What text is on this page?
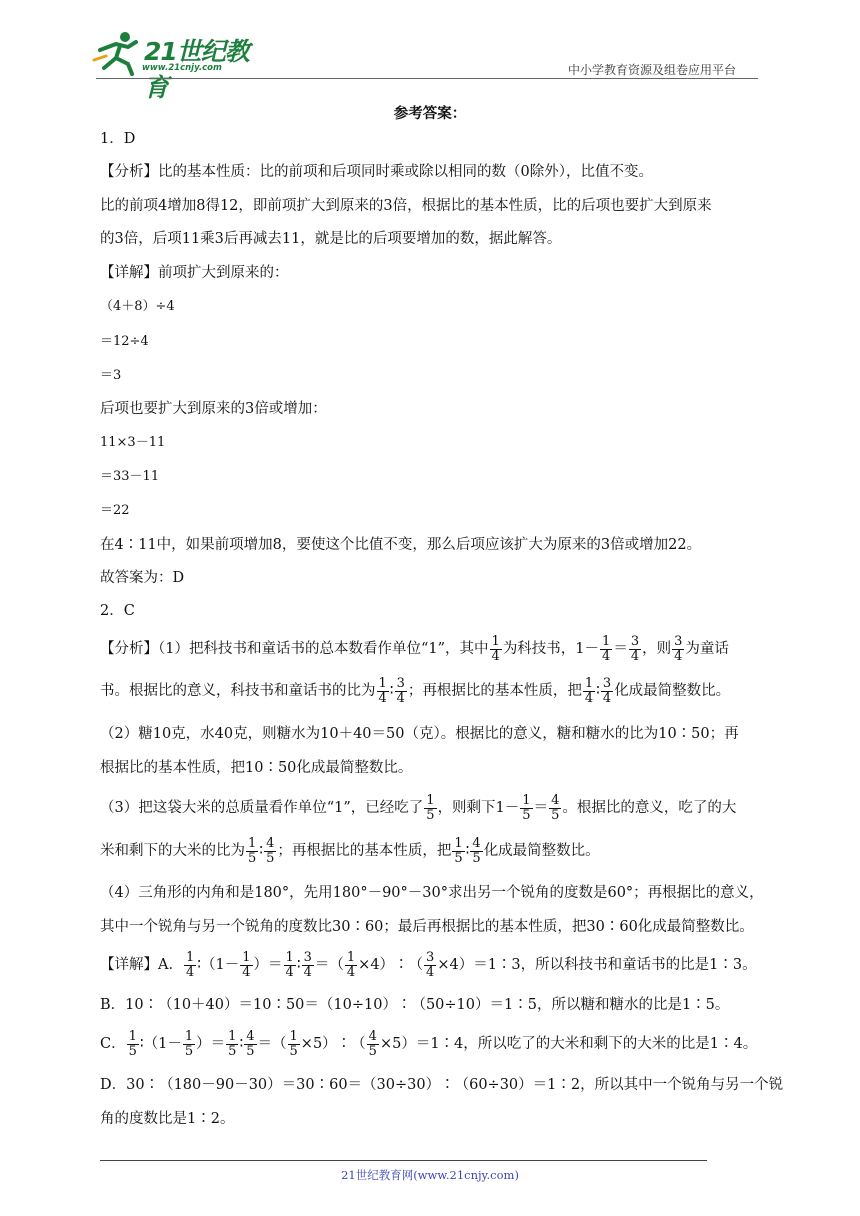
21世纪教育
www.21cnjy.com	中小学教育资源及组卷应用平台
参考答案：
1．D
【分析】比的基本性质：比的前项和后项同时乘或除以相同的数（0除外），比值不变。
比的前项4增加8得12，即前项扩大到原来的3倍，根据比的基本性质，比的后项也要扩大到原来
的3倍，后项11乘3后再减去11，就是比的后项要增加的数，据此解答。
【详解】前项扩大到原来的：
（4＋8）÷4
＝12÷4
＝3
后项也要扩大到原来的3倍或增加：
11×3－11
＝33－11
＝22
在4∶11中，如果前项增加8，要使这个比值不变，那么后项应该扩大为原来的3倍或增加22。
故答案为：D
2．C
【分析】（1）把科技书和童话书的总本数看作单位“1”，其中 $\frac{1}{4}$ 为科技书，$1- \frac{1}{4} = \frac{3}{4}$ ，则 $\frac{3}{4}$ 为童话
书。根据比的意义，科技书和童话书的比为 $\frac{1}{4}$ ∶ $\frac{3}{4}$ ；再根据比的基本性质，把 $\frac{1}{4}$ ∶ $\frac{3}{4}$ 化成最简整数比。
（2）糖10克，水40克，则糖水为10＋40＝50（克）。根据比的意义，糖和糖水的比为10∶50；再
根据比的基本性质，把10∶50化成最简整数比。
（3）把这袋大米的总质量看作单位“1”，已经吃了 $\frac{1}{5}$ ，则剩下$1- \frac{1}{5} = \frac{4}{5}$ 。根据比的意义，吃了的大
米和剩下的大米的比为 $\frac{1}{5}$ ∶ $\frac{4}{5}$ ；再根据比的基本性质，把 $\frac{1}{5}$ ∶ $\frac{4}{5}$ 化成最简整数比。
（4）三角形的内角和是180°，先用180°－90°－30°求出另一个锐角的度数是60°；再根据比的意义，
其中一个锐角与另一个锐角的度数比30∶60；最后再根据比的基本性质，把30∶60化成最简整数比。
【详解】A． $\frac{1}{4}$ ∶（1－ $\frac{1}{4}$ ）＝ $\frac{1}{4}$ ∶ $\frac{3}{4}$ ＝（ $\frac{1}{4}$ ×4）∶（ $\frac{3}{4}$ ×4）＝1∶3，所以科技书和童话书的比是1∶3。
B．10∶（10＋40）＝10∶50＝（10÷10）∶（50÷10）＝1∶5，所以糖和糖水的比是1∶5。
C． $\frac{1}{5}$ ∶（1－ $\frac{1}{5}$ ）＝ $\frac{1}{5}$ ∶ $\frac{4}{5}$ ＝（ $\frac{1}{5}$ ×5）∶（ $\frac{4}{5}$ ×5）＝1∶4，所以吃了的大米和剩下的大米的比是1∶4。
D．30∶（180－90－30）＝30∶60＝（30÷30）∶（60÷30）＝1∶2，所以其中一个锐角与另一个锐
角的度数比是1∶2。
21世纪教育网(www.21cnjy.com)
